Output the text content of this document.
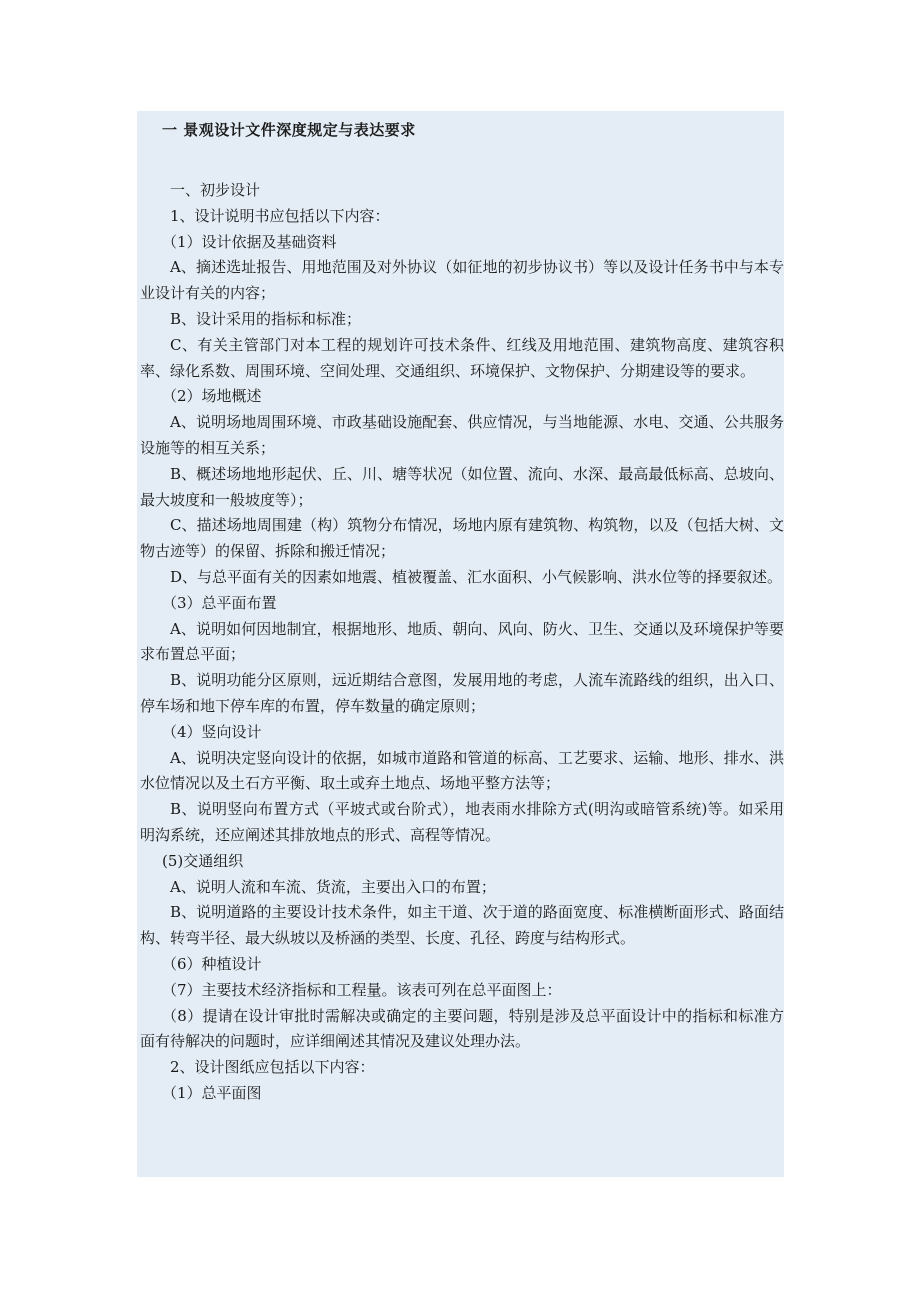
一 景观设计文件深度规定与表达要求

一、初步设计

1、设计说明书应包括以下内容：

（1）设计依据及基础资料

A、摘述选址报告、用地范围及对外协议（如征地的初步协议书）等以及设计任务书中与本专业设计有关的内容；

B、设计采用的指标和标准；

C、有关主管部门对本工程的规划许可技术条件、红线及用地范围、建筑物高度、建筑容积率、绿化系数、周围环境、空间处理、交通组织、环境保护、文物保护、分期建设等的要求。

（2）场地概述

A、说明场地周围环境、市政基础设施配套、供应情况，与当地能源、水电、交通、公共服务设施等的相互关系；

B、概述场地地形起伏、丘、川、塘等状况（如位置、流向、水深、最高最低标高、总坡向、最大坡度和一般坡度等）；

C、描述场地周围建（构）筑物分布情况，场地内原有建筑物、构筑物，以及（包括大树、文物古迹等）的保留、拆除和搬迁情况；

D、与总平面有关的因素如地震、植被覆盖、汇水面积、小气候影响、洪水位等的择要叙述。

（3）总平面布置

A、说明如何因地制宜，根据地形、地质、朝向、风向、防火、卫生、交通以及环境保护等要求布置总平面；

B、说明功能分区原则，远近期结合意图，发展用地的考虑，人流车流路线的组织，出入口、停车场和地下停车库的布置，停车数量的确定原则；

（4）竖向设计

A、说明决定竖向设计的依据，如城市道路和管道的标高、工艺要求、运输、地形、排水、洪水位情况以及土石方平衡、取土或弃土地点、场地平整方法等；

B、说明竖向布置方式（平坡式或台阶式），地表雨水排除方式(明沟或暗管系统)等。如采用明沟系统，还应阐述其排放地点的形式、高程等情况。

(5)交通组织

A、说明人流和车流、货流，主要出入口的布置；

B、说明道路的主要设计技术条件，如主干道、次于道的路面宽度、标准横断面形式、路面结构、转弯半径、最大纵坡以及桥涵的类型、长度、孔径、跨度与结构形式。

（6）种植设计

（7）主要技术经济指标和工程量。该表可列在总平面图上：

（8）提请在设计审批时需解决或确定的主要问题，特别是涉及总平面设计中的指标和标准方面有待解决的问题时，应详细阐述其情况及建议处理办法。

2、设计图纸应包括以下内容：

（1）总平面图
